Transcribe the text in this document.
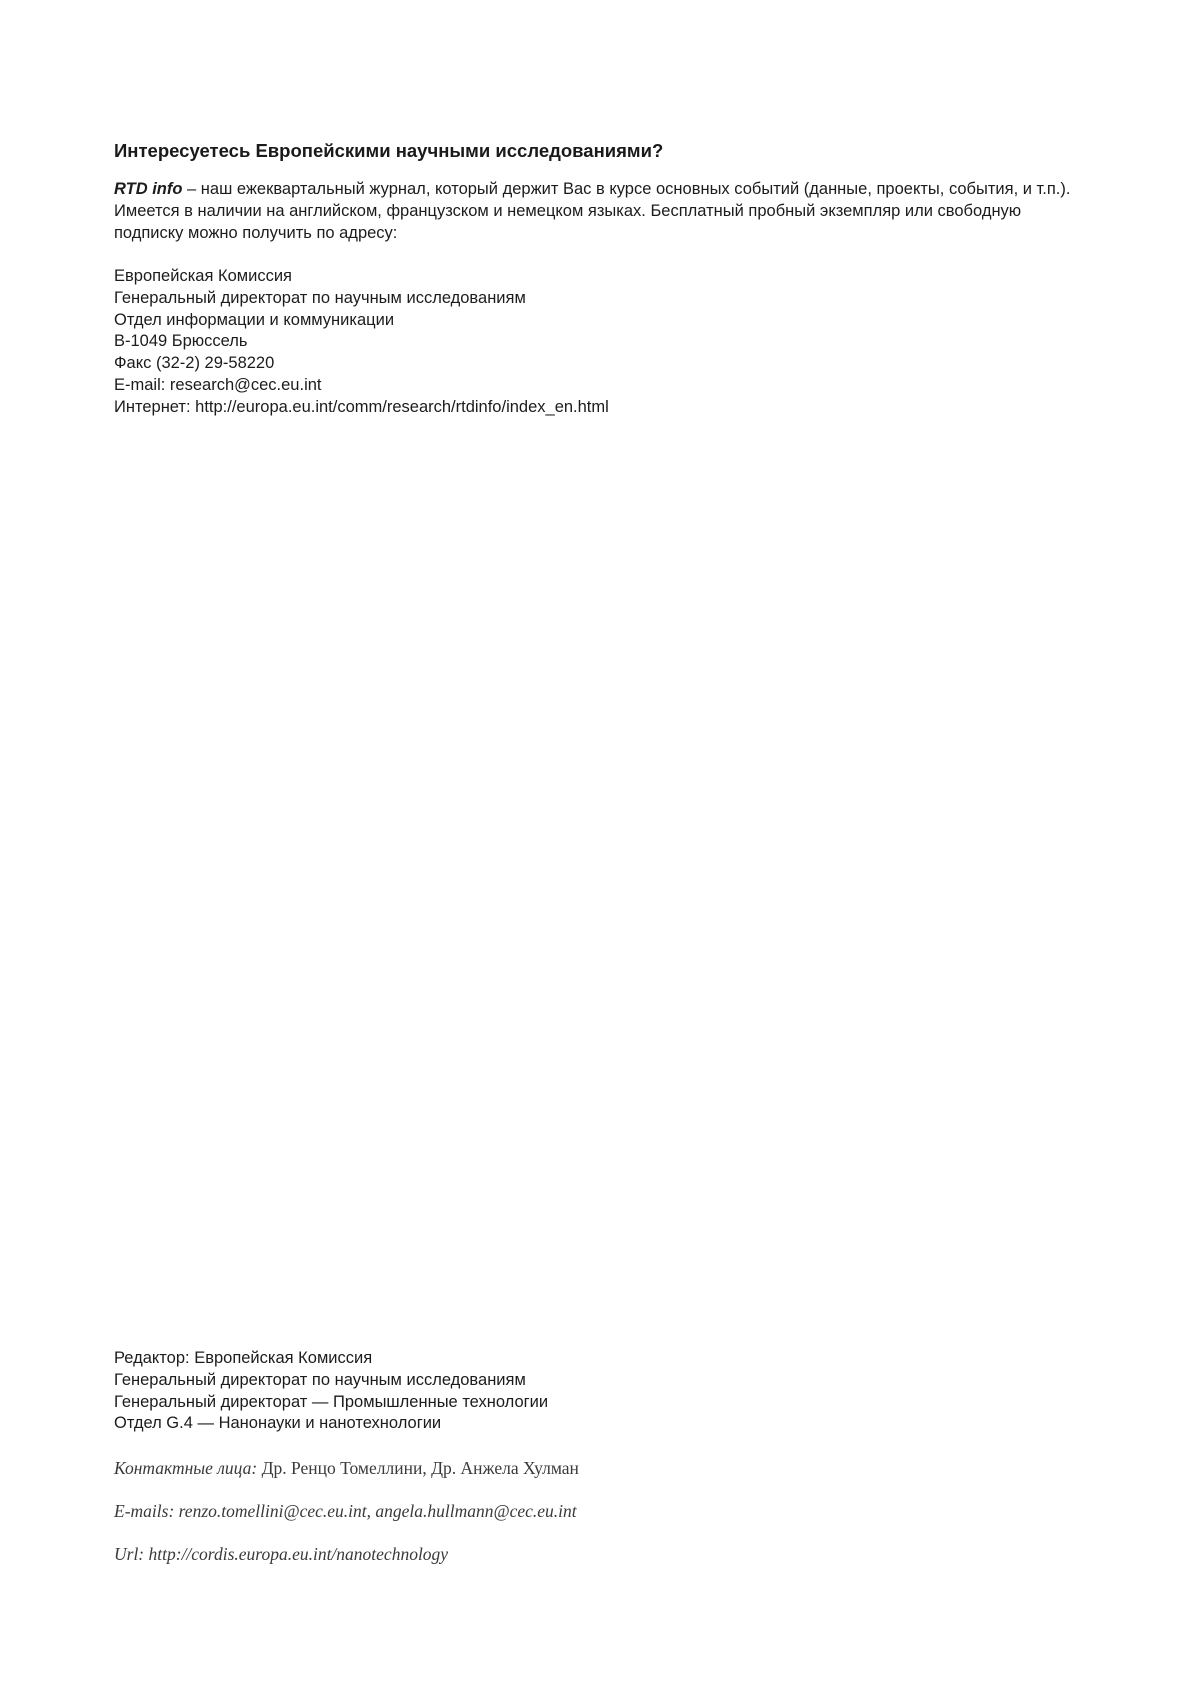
Интересуетесь Европейскими научными исследованиями?

RTD info – наш ежеквартальный журнал, который держит Вас в курсе основных событий (данные, проекты, события, и т.п.). Имеется в наличии на английском, французском и немецком языках. Бесплатный пробный экземпляр или свободную подписку можно получить по адресу:

Европейская Комиссия
Генеральный директорат по научным исследованиям
Отдел информации и коммуникации
B-1049 Брюссель
Факс (32-2) 29-58220
E-mail: research@cec.eu.int
Интернет: http://europa.eu.int/comm/research/rtdinfo/index_en.html
Редактор: Европейская Комиссия
Генеральный директорат по научным исследованиям
Генеральный директорат — Промышленные технологии
Отдел G.4 — Нанонауки и нанотехнологии
Контактные лица: Др. Ренцо Томеллини, Др. Анжела Хулман
E-mails: renzo.tomellini@cec.eu.int, angela.hullmann@cec.eu.int
Url: http://cordis.europa.eu.int/nanotechnology
